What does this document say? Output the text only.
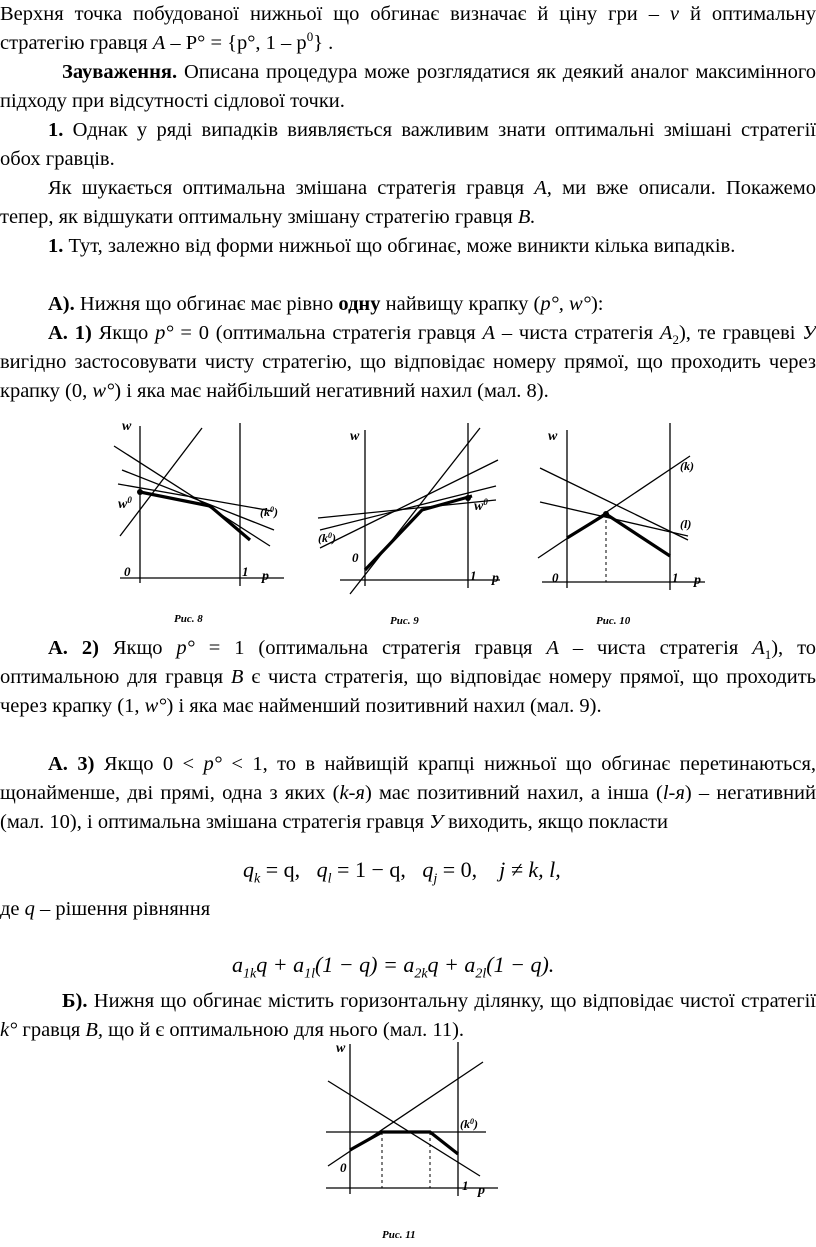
Верхня точка побудованої нижньої що обгинає визначає й ціну гри – v й оптимальну стратегію гравця A – P° = {p°, $1 - p^0$} .

Зауваження. Описана процедура може розглядатися як деякий аналог максимінного підходу при відсутності сідлової точки.

1. Однак у ряді випадків виявляється важливим знати оптимальні змішані стратегії обох гравців.

Як шукається оптимальна змішана стратегія гравця A, ми вже описали. Покажемо тепер, як відшукати оптимальну змішану стратегію гравця B.

1. Тут, залежно від форми нижньої що обгинає, може виникти кілька випадків.

А). Нижня що обгинає має рівно одну найвищу крапку (p°, w°):

А. 1) Якщо p° = 0 (оптимальна стратегія гравця A – чиста стратегія $A_2$), те гравцеві У вигідно застосовувати чисту стратегію, що відповідає номеру прямої, що проходить через крапку (0, w°) і яка має найбільший негативний нахил (мал. 8).

w
$w^0$
$(k^0)$
0	1 p
Рис. 8
w
$w^0$
$(k^0)$
0
1 p
Рис. 9
w
(k)
(l)
0	1 p
Рис. 10

А. 2) Якщо p° = 1 (оптимальна стратегія гравця A – чиста стратегія $A_1$), то оптимальною для гравця B є чиста стратегія, що відповідає номеру прямої, що проходить через крапку (1, w°) і яка має найменший позитивний нахил (мал. 9).

А. 3) Якщо 0 < p° < 1, то в найвищій крапці нижньої що обгинає перетинаються, щонайменше, дві прямі, одна з яких (k-я) має позитивний нахил, а інша (l-я) – негативний (мал. 10), і оптимальна змішана стратегія гравця У виходить, якщо покласти

$q_k = q$, $q_l = 1 - q$, $q_j = 0$, j ≠ k, l,

де q – рішення рівняння

$a_{1k}q + a_{1l}(1 - q) = a_{2k}q + a_{2l}(1 - q)$.

Б). Нижня що обгинає містить горизонтальну ділянку, що відповідає чистої стратегії k° гравця B, що й є оптимальною для нього (мал. 11).

w
$(k^0)$
0
1 p
Рис. 11
